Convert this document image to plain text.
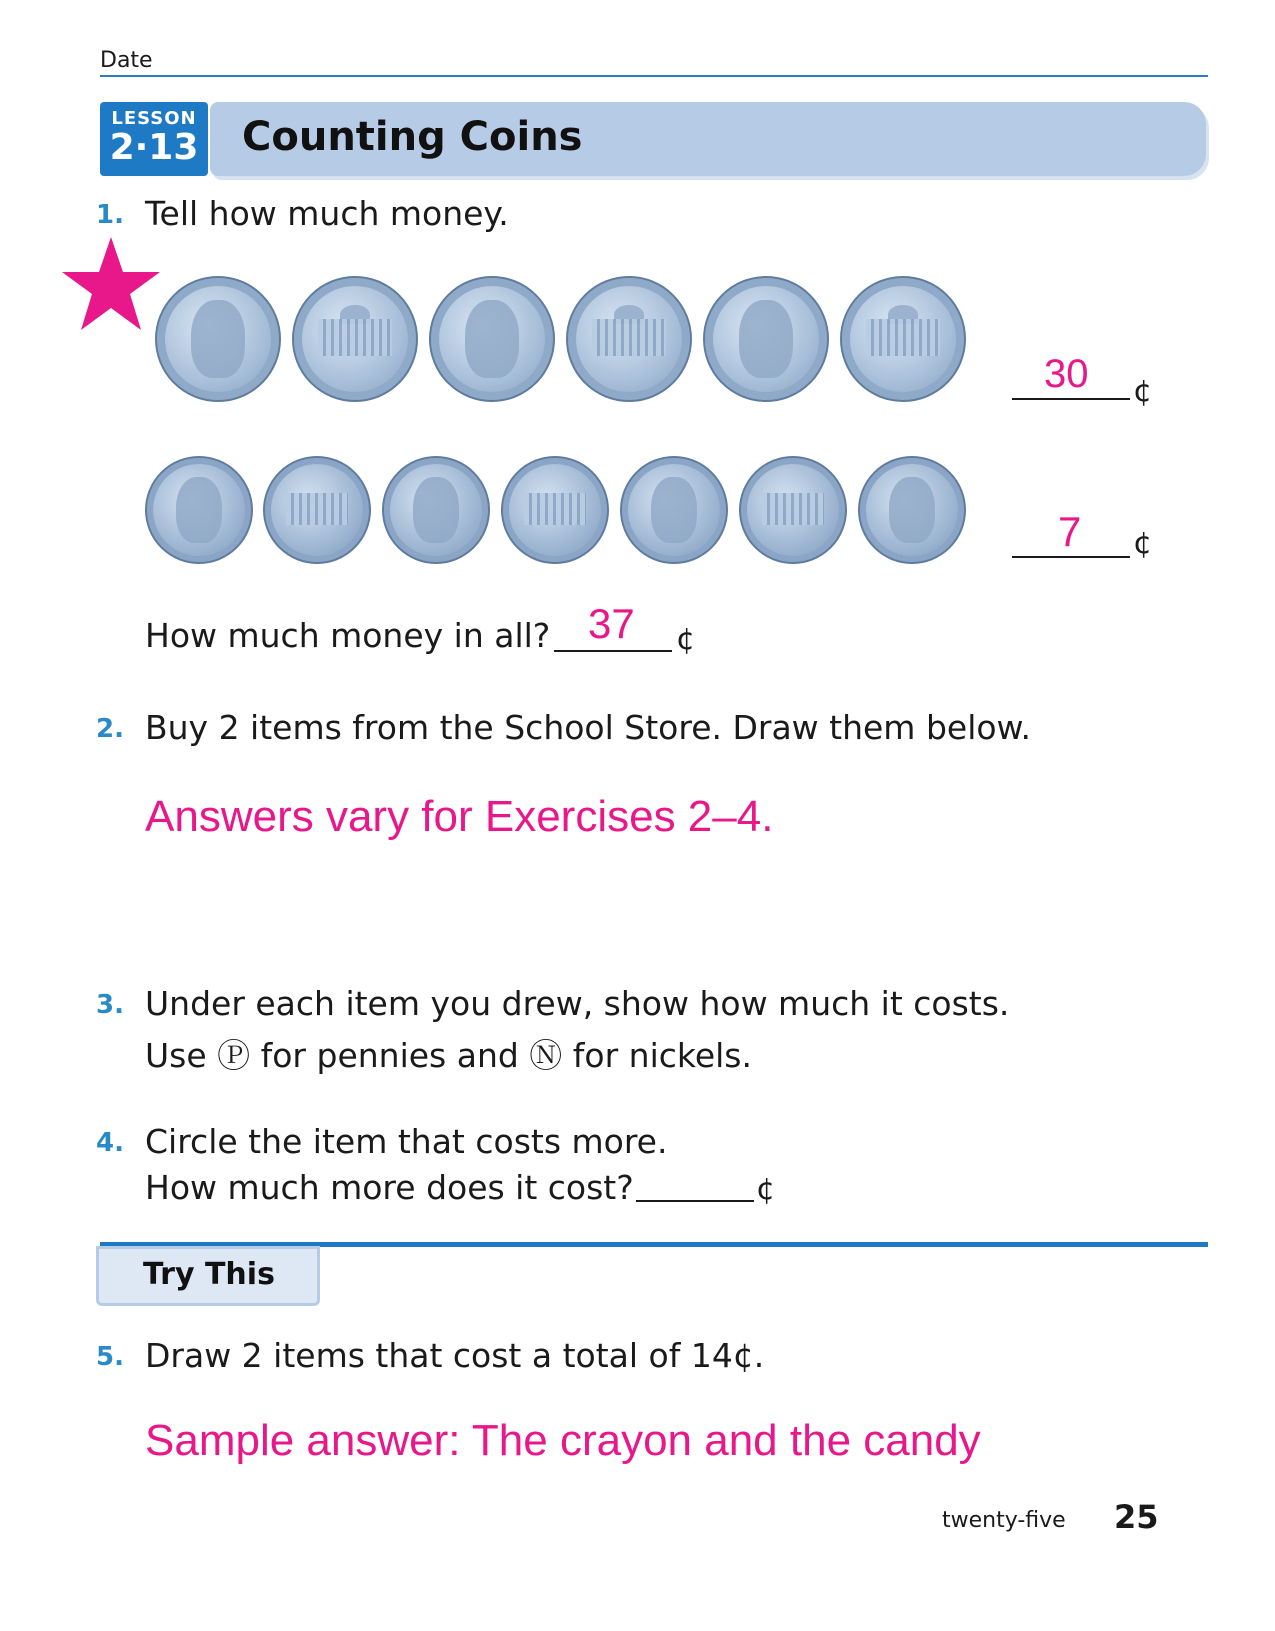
Date
LESSON
2·13 Counting Coins
1. Tell how much money.
30 ¢
7 ¢
How much money in all? 37 ¢
2. Buy 2 items from the School Store. Draw them below.
Answers vary for Exercises 2–4.
3. Under each item you drew, show how much it costs.
Use Ⓟ for pennies and Ⓝ for nickels.
4. Circle the item that costs more.
How much more does it cost?	¢
Try This
5. Draw 2 items that cost a total of 14¢.
Sample answer: The crayon and the candy
twenty-five 25
